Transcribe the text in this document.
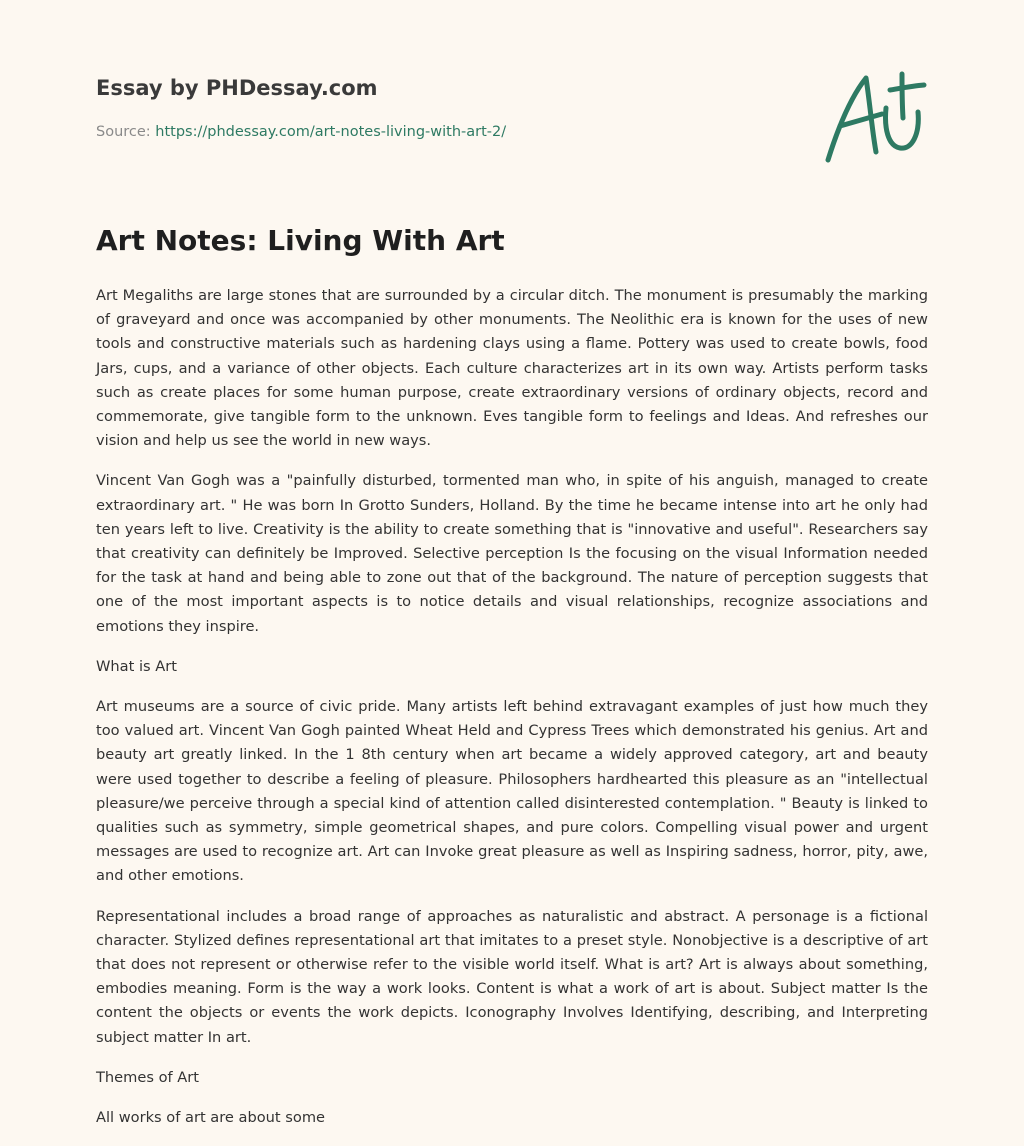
Essay by PHDessay.com
Source: https://phdessay.com/art-notes-living-with-art-2/
Art Notes: Living With Art

Art Megaliths are large stones that are surrounded by a circular ditch. The monument is presumably the marking of graveyard and once was accompanied by other monuments. The Neolithic era is known for the uses of new tools and constructive materials such as hardening clays using a flame. Pottery was used to create bowls, food Jars, cups, and a variance of other objects. Each culture characterizes art in its own way. Artists perform tasks such as create places for some human purpose, create extraordinary versions of ordinary objects, record and commemorate, give tangible form to the unknown. Eves tangible form to feelings and Ideas. And refreshes our vision and help us see the world in new ways.

Vincent Van Gogh was a "painfully disturbed, tormented man who, in spite of his anguish, managed to create extraordinary art. " He was born In Grotto Sunders, Holland. By the time he became intense into art he only had ten years left to live. Creativity is the ability to create something that is "innovative and useful". Researchers say that creativity can definitely be Improved. Selective perception Is the focusing on the visual Information needed for the task at hand and being able to zone out that of the background. The nature of perception suggests that one of the most important aspects is to notice details and visual relationships, recognize associations and emotions they inspire.

What is Art

Art museums are a source of civic pride. Many artists left behind extravagant examples of just how much they too valued art. Vincent Van Gogh painted Wheat Held and Cypress Trees which demonstrated his genius. Art and beauty art greatly linked. In the 1 8th century when art became a widely approved category, art and beauty were used together to describe a feeling of pleasure. Philosophers hardhearted this pleasure as an "intellectual pleasure/we perceive through a special kind of attention called disinterested contemplation. " Beauty is linked to qualities such as symmetry, simple geometrical shapes, and pure colors. Compelling visual power and urgent messages are used to recognize art. Art can Invoke great pleasure as well as Inspiring sadness, horror, pity, awe, and other emotions.

Representational includes a broad range of approaches as naturalistic and abstract. A personage is a fictional character. Stylized defines representational art that imitates to a preset style. Nonobjective is a descriptive of art that does not represent or otherwise refer to the visible world itself. What is art? Art is always about something, embodies meaning. Form is the way a work looks. Content is what a work of art is about. Subject matter Is the content the objects or events the work depicts. Iconography Involves Identifying, describing, and Interpreting subject matter In art.

Themes of Art

All works of art are about some
